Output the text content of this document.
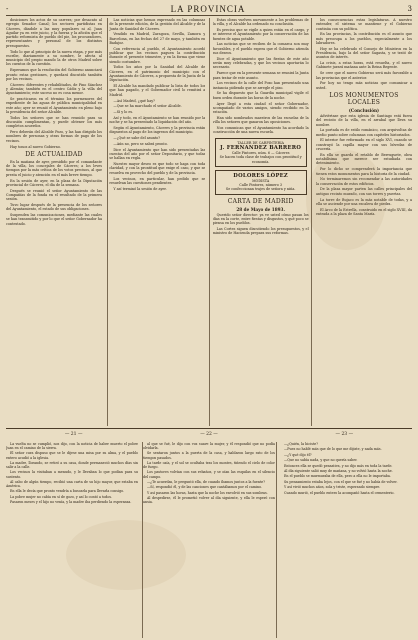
-	LA PROVINCIA	3

dosiciones los actos de su carrera; por desacato al egregio Senador Canal; los sectores partidistas en Cáceres, dándole a las muy populares ni al, Juan Aguilar ya en este juicio, y la fuerza y la afición que el partido reformista de pueblo del pie, los procuradores, representantes y personal de los distintos presupuestos.

Todo lo que al principio de la nueva etapa, y por más escribe, diariamente a su nombre, le afecta al municipio del propio mando la de otros Madrid sobre los cuentos de la cuestión.

Esperamos que la resolución del Gobierno anunciará pronto estas gestiones, y quedará discutido también por los vecinos.

Cáceres: diferentes y rehabilitados, de Pino Sánchez y Alemán; también en el centro Cádiz y la villa del Ayuntamiento; este suceso no es cosa menor.

Se practicaron en el término los pormenores del expediente de las aguas de pública municipalidad en este año; ayer se reunió el Ayuntamiento en pleno bajo la presidencia del señor Alcalde.

Todos los señores que se han reunido para su discusión cumplimentan, y puede obtener los más completos acuerdos.

Pero deberán del Alcalde Pozo, y las han dirigido los nombres de personas y otras formas de pago de los vecinos.

Hay tonos al nuevo Gobierno.

DE ACTUALIDAD

En la mañana de ayer, presidido por el comandante de la villa, los concejales de Cáceres; a los leves tiempos por la más crítica de los votos precisos, al que presta el juicio y atención en el más breve tiempo.

En la sesión de ayer, en la plaza de la Diputación provincial de Cáceres, el día de la semana.

Después se reunió el señor Ayuntamiento de las Compañías de la fonda en el resultado de la primera sesión.

Tuvo lugar después de la presencia de los señores del Ayuntamiento, el estado de sus obligaciones.

Suspenden las comunicaciones, mediante las cuales se han transmitido y por lo que el señor Gobernador ha contestado.

Las noticias que hemos expresado en las columnas de la presente edición, de la gestión del Alcalde y de la Junta de Sanidad de Cáceres.

Vendido en Madrid, Zaragoza, Sevilla, Zamora y Barcelona, en las fechas del 27 de mayo, y también en Badajoz.

Con referencia al pueblo, el Ayuntamiento acordó publicar que los vecinos paguen la contribución durante el presente trimestre, y en la forma que viene siendo costumbre.

Todos los años por la Sanidad del Alcalde de Cáceres, en el patrimonio del municipio con el Ayuntamiento de Cáceres, a propuesta de la Junta de la Diputación.

El Alcalde ha mandado publicar la lista de todos los que han pagado, y el Gobernador civil lo remitirá a Madrid.

—Así Madrid, ¿qué hay?

—Que se ha marchado el señor Alcalde.

—Sí y lo es.

Así y todo, en el Ayuntamiento se han reunido por la noche y se ha presentado la liquidación del año.

Según el Ayuntamiento, Cáceres y la provincia están dispuestos al pago de los ingresos del municipio.

—¿Qué se sabe del asunto?

—Aún no, pero se sabrá pronto.

Dice el Ayuntamiento que han sido presentadas las cuentas del año por el señor Depositario, y que todas se hallan en regla.

Nuestro mayor deseo es que todo se haga con toda claridad, y con la prontitud que exige el caso, y que se resuelva en provecho del pueblo y de la provincia.

Los vecinos, en particular, han pedido que se resuelvan las cuestiones pendientes.

Y así terminó la sesión de ayer.

Estas obras vuelven nuevamente a los problemas de la villa, y el Alcalde ha ordenado su conclusión.

Es preciso que se vigile a quien están en el cargo, y se interese el Ayuntamiento por la conservación de las fuentes de agua potable.

Las noticias que se reciben de la comarca son muy favorables, y el pueblo espera que el Gobierno atienda sus deseos.

Dice el Ayuntamiento que las fiestas de este año serán muy celebradas, y que los vecinos aportarán lo necesario.

Parece que en la presente semana se reunirá la Junta para tratar de este asunto.

Los vecinos de la calle del Pozo han presentado una instancia pidiendo que se arregle el piso.

Se ha dispuesto que la Guardia municipal vigile el buen orden durante las horas de la noche.

Ayer llegó a esta ciudad el señor Gobernador, acompañado de varios amigos, siendo recibido en la estación.

Han sido nombrados maestros de las escuelas de la villa los señores que ganaron las oposiciones.

Nos comunican que el Ayuntamiento ha acordado la construcción de una nueva escuela.

TALLER DE CARPINTERIA
J. FERNANDEZ BARRERO
Calle Pintores, núm. 6 — Cáceres
Se hacen toda clase de trabajos con prontitud y economía.
DOLORES LÓPEZ
MODISTA
Calle Pintores, número 3
Se confeccionan trajes de señora y niña.
CARTA DE MADRID
28 de Mayo de 1893.

Querido señor director: ya ve usted cómo pasan los días en la corte, entre fiestas y disgustos, y qué poco se piensa en los pueblos.

Las Cortes siguen discutiendo los presupuestos, y el ministro de Hacienda prepara sus reformas.

los consecuencias estas legislaturas. A nuestro entender, el sistema se mantiene y el Gobierno continúa con su política.

En las provincias, la contribución es el asunto que más preocupa a los pueblos, especialmente a los labradores.

Hoy se ha celebrado el Consejo de Ministros en la Presidencia, bajo la del señor Sagasta, y se trató de asuntos de interés.

La crisis, a estas horas, está resuelta, y el nuevo Gabinete jurará mañana ante la Reina Regente.

Se cree que el nuevo Gobierno será más favorable a las provincias que el anterior.

Por hoy no tengo más noticias que comunicar a usted.

LOS MONUMENTOS LOCALES
(Conclusión)

Adviértase que esta iglesia de Santiago está fuera del recinto de la villa, en el arrabal que lleva su nombre.

La portada es de estilo románico, con arquivoltas de medio punto sobre columnas con capiteles historiados.

El interior fue reformado en el siglo XVI, cuando se construyó la capilla mayor con sus bóvedas de crucería.

En ella se guarda el retablo de Berruguete, obra notabilísima que merece ser estudiada con detenimiento.

Por lo dicho se comprenderá la importancia que tienen estos monumentos para la historia de la ciudad.

No terminaremos sin recomendar a las autoridades la conservación de estos edificios.

De la plaza mayor parten las calles principales del antiguo recinto murado, con sus torres y puertas.

La torre de Bujaco es la más notable de todas, y a ella se asciende por una escalera de piedra.

El Arco de la Estrella, construido en el siglo XVIII, da entrada a la plaza de Santa María.

— 21 —	— 22 —	— 23 —

La vuelta no se cumplió, nos dijo, con la noticia de haber muerto el pobre Juan en el camino de la sierra.

El señor cura dispuso que se le dijese una misa por su alma, y el pueblo entero acudió a la iglesia.

La madre, llorando, se retiró a su casa, donde permaneció muchos días sin salir a la calle.

Los vecinos la visitaban a menudo, y le llevaban lo que podían para su sustento.

Al cabo de algún tiempo, recibió una carta de su hijo mayor, que estaba en América.

En ella le decía que pronto vendría a buscarla para llevarla consigo.

La pobre mujer no cabía en sí de gozo, y así lo contó a todos.

Pasaron meses y el hijo no venía, y la madre iba perdiendo la esperanza.

al que se fué, le dijo con voz suave la mujer, y él respondió que no podía olvidarla.

Se sentaron juntos a la puerta de la casa, y hablaron largo rato de los tiempos pasados.

La tarde caía, y el sol se ocultaba tras los montes, tiñendo el cielo de color de fuego.

Los pastores volvían con sus rebaños, y se oían las esquilas en el silencio del campo.

—¿Te acuerdas, le preguntó ella, de cuando íbamos juntos a la fuente?

—Sí, respondió él, y de las canciones que cantábamos por el camino.

Y así pasaron las horas, hasta que la noche los envolvió en sus sombras.

Al despedirse, él le prometió volver al día siguiente, y ella le esperó con ansia.

—¿Quién, la hiciste?

—Pues no hablé más que de lo que me dijiste, y nada más.

—¿Y qué dijo él?

—Que no sabía nada, y que no quería saber.

Entonces ella se quedó pensativa, y no dijo más en toda la tarde.

Al día siguiente salió muy de mañana, y no volvió hasta la noche.

En el pueblo se murmuraba de ella, pero a ella no le importaba.

Su pensamiento estaba lejos, con el que se fué y no había de volver.

Y así vivió muchos años, sola y triste, esperando siempre.

Cuando murió, el pueblo entero la acompañó hasta el cementerio.
